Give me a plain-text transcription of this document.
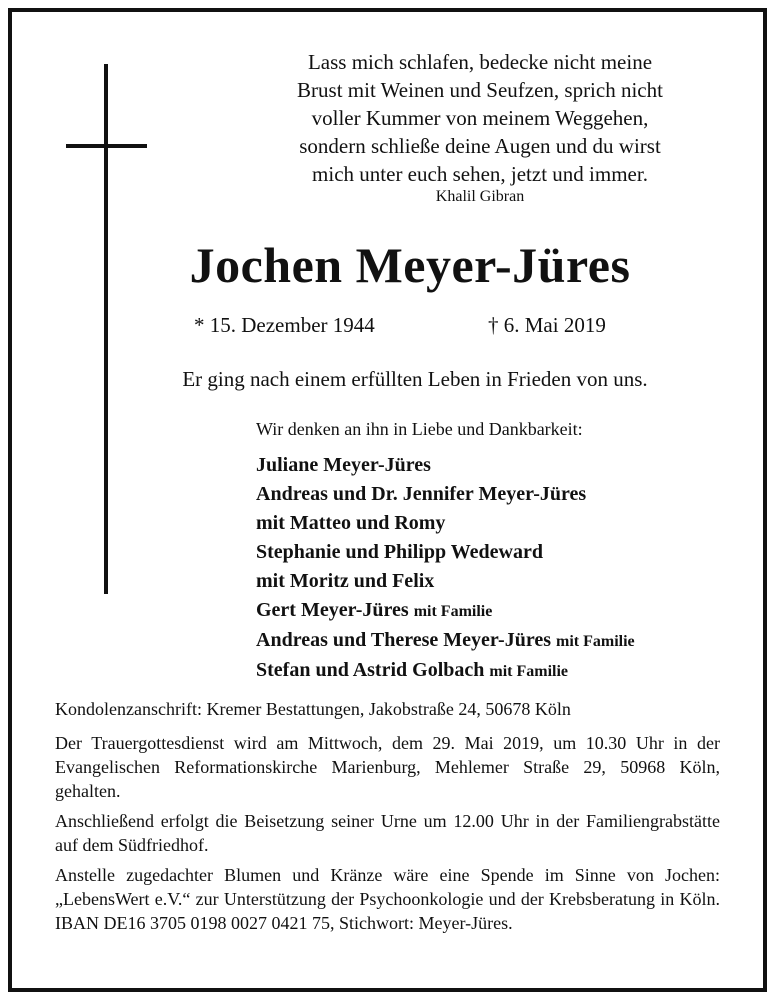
Lass mich schlafen, bedecke nicht meine
Brust mit Weinen und Seufzen, sprich nicht
voller Kummer von meinem Weggehen,
sondern schließe deine Augen und du wirst
mich unter euch sehen, jetzt und immer.
Khalil Gibran
Jochen Meyer-Jüres
* 15. Dezember 1944	† 6. Mai 2019
Er ging nach einem erfüllten Leben in Frieden von uns.
Wir denken an ihn in Liebe und Dankbarkeit:
Juliane Meyer-Jüres
Andreas und Dr. Jennifer Meyer-Jüres
mit Matteo und Romy
Stephanie und Philipp Wedeward
mit Moritz und Felix
Gert Meyer-Jüres mit Familie
Andreas und Therese Meyer-Jüres mit Familie
Stefan und Astrid Golbach mit Familie

Kondolenzanschrift: Kremer Bestattungen, Jakobstraße 24, 50678 Köln

Der Trauergottesdienst wird am Mittwoch, dem 29. Mai 2019, um 10.30 Uhr in der Evangelischen Reformationskirche Marienburg, Mehlemer Straße 29, 50968 Köln, gehalten.

Anschließend erfolgt die Beisetzung seiner Urne um 12.00 Uhr in der Familiengrabstätte auf dem Südfriedhof.

Anstelle zugedachter Blumen und Kränze wäre eine Spende im Sinne von Jochen: „LebensWert e.V.“ zur Unterstützung der Psychoonkologie und der Krebsberatung in Köln. IBAN DE16 3705 0198 0027 0421 75, Stichwort: Meyer-Jüres.
